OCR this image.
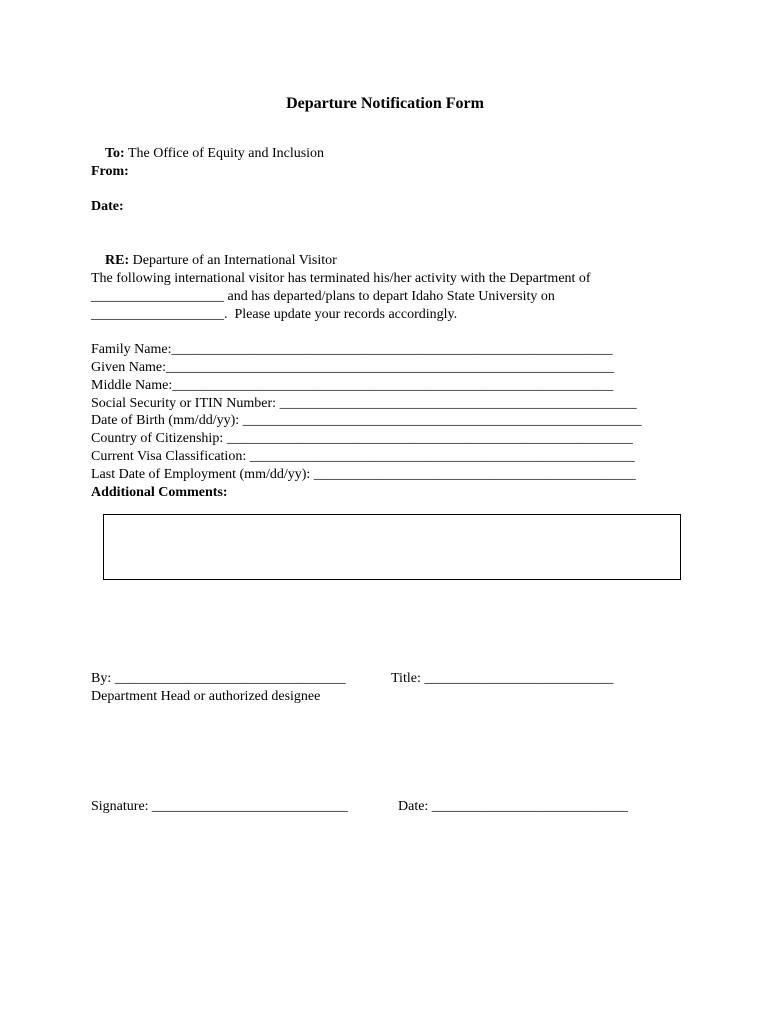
Departure Notification Form

To: The Office of Equity and Inclusion

From:
Date:

RE: Departure of an International Visitor

The following international visitor has terminated his/her activity with the Department of
___________________ and has departed/plans to depart Idaho State University on
___________________.  Please update your records accordingly.
Family Name:_______________________________________________________________
Given Name:________________________________________________________________
Middle Name:_______________________________________________________________
Social Security or ITIN Number: ___________________________________________________
Date of Birth (mm/dd/yy): _________________________________________________________
Country of Citizenship: __________________________________________________________
Current Visa Classification: _______________________________________________________
Last Date of Employment (mm/dd/yy): ______________________________________________
Additional Comments:
By: _________________________________	Title: ___________________________
Department Head or authorized designee
Signature: ____________________________	Date: ____________________________
